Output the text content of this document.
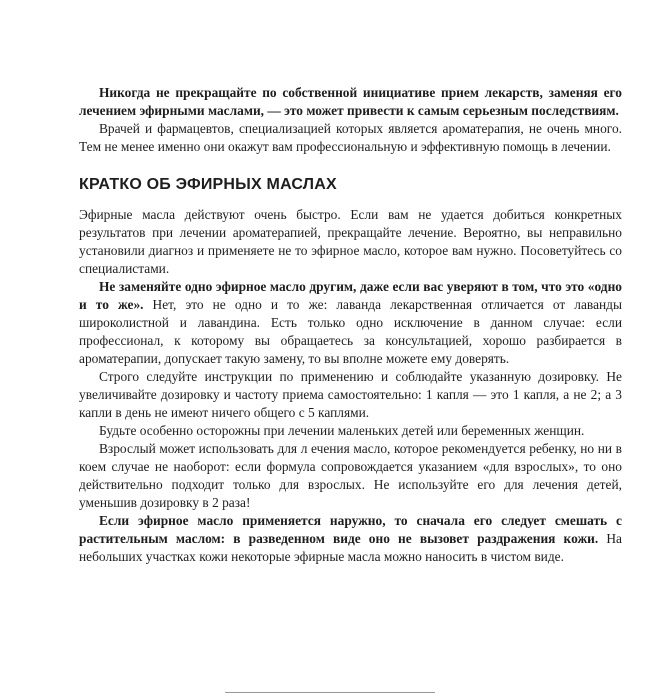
Никогда не прекращайте по собственной инициативе прием лекарств, заменяя его лечением эфирными маслами, — это может привести к самым серьезным последствиям.

Врачей и фармацевтов, специализацией которых является ароматерапия, не очень много. Тем не менее именно они окажут вам профессиональную и эффективную помощь в лечении.

КРАТКО ОБ ЭФИРНЫХ МАСЛАХ

Эфирные масла действуют очень быстро. Если вам не удается добиться конкретных результатов при лечении ароматерапией, прекращайте лечение. Вероятно, вы неправильно установили диагноз и применяете не то эфирное масло, которое вам нужно. Посоветуйтесь со специалистами.

Не заменяйте одно эфирное масло другим, даже если вас уверяют в том, что это «одно и то же». Нет, это не одно и то же: лаванда лекарственная отличается от лаванды широколистной и лавандина. Есть только одно исключение в данном случае: если профессионал, к которому вы обращаетесь за консультацией, хорошо разбирается в ароматерапии, допускает такую замену, то вы вполне можете ему доверять.

Строго следуйте инструкции по применению и соблюдайте указанную дозировку. Не увеличивайте дозировку и частоту приема самостоятельно: 1 капля — это 1 капля, а не 2; а 3 капли в день не имеют ничего общего с 5 каплями.

Будьте особенно осторожны при лечении маленьких детей или беременных женщин.

Взрослый может использовать для л ечения масло, которое рекомендуется ребенку, но ни в коем случае не наоборот: если формула сопровождается указанием «для взрослых», то оно действительно подходит только для взрослых. Не используйте его для лечения детей, уменьшив дозировку в 2 раза!

Если эфирное масло применяется наружно, то сначала его следует смешать с растительным маслом: в разведенном виде оно не вызовет раздражения кожи. На небольших участках кожи некоторые эфирные масла можно наносить в чистом виде.
